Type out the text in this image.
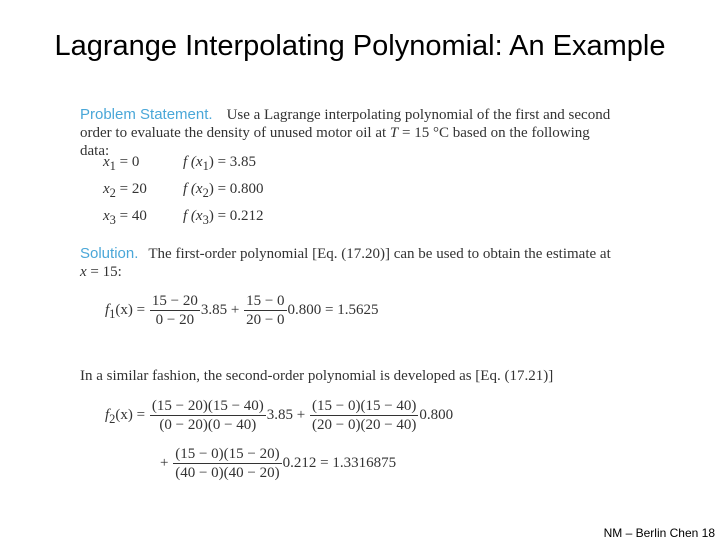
Lagrange Interpolating Polynomial: An Example
Problem Statement. Use a Lagrange interpolating polynomial of the first and second
order to evaluate the density of unused motor oil at T = 15 °C based on the following data:
$x_1 = 0$	f $(x_1) = 3.85$
$x_2 = 20$	f $(x_2) = 0.800$
$x_3 = 40$	f $(x_3) = 0.212$
Solution. The first-order polynomial [Eq. (17.20)] can be used to obtain the estimate at
x = 15:
$f_1(x) = \frac{15 - 20}{0 - 20} 3.85 + \frac{15 - 0}{20 - 0} 0.800 = 1.5625$
In a similar fashion, the second-order polynomial is developed as [Eq. (17.21)]
$f_2(x) = \frac{(15 - 20)(15 - 40)}{(0 - 20)(0 - 40)} 3.85 + \frac{(15 - 0)(15 - 40)}{(20 - 0)(20 - 40)} 0.800$
+ $\frac{(15 - 0)(15 - 20)}{(40 - 0)(40 - 20)} 0.212 = 1.3316875$
NM – Berlin Chen 18
